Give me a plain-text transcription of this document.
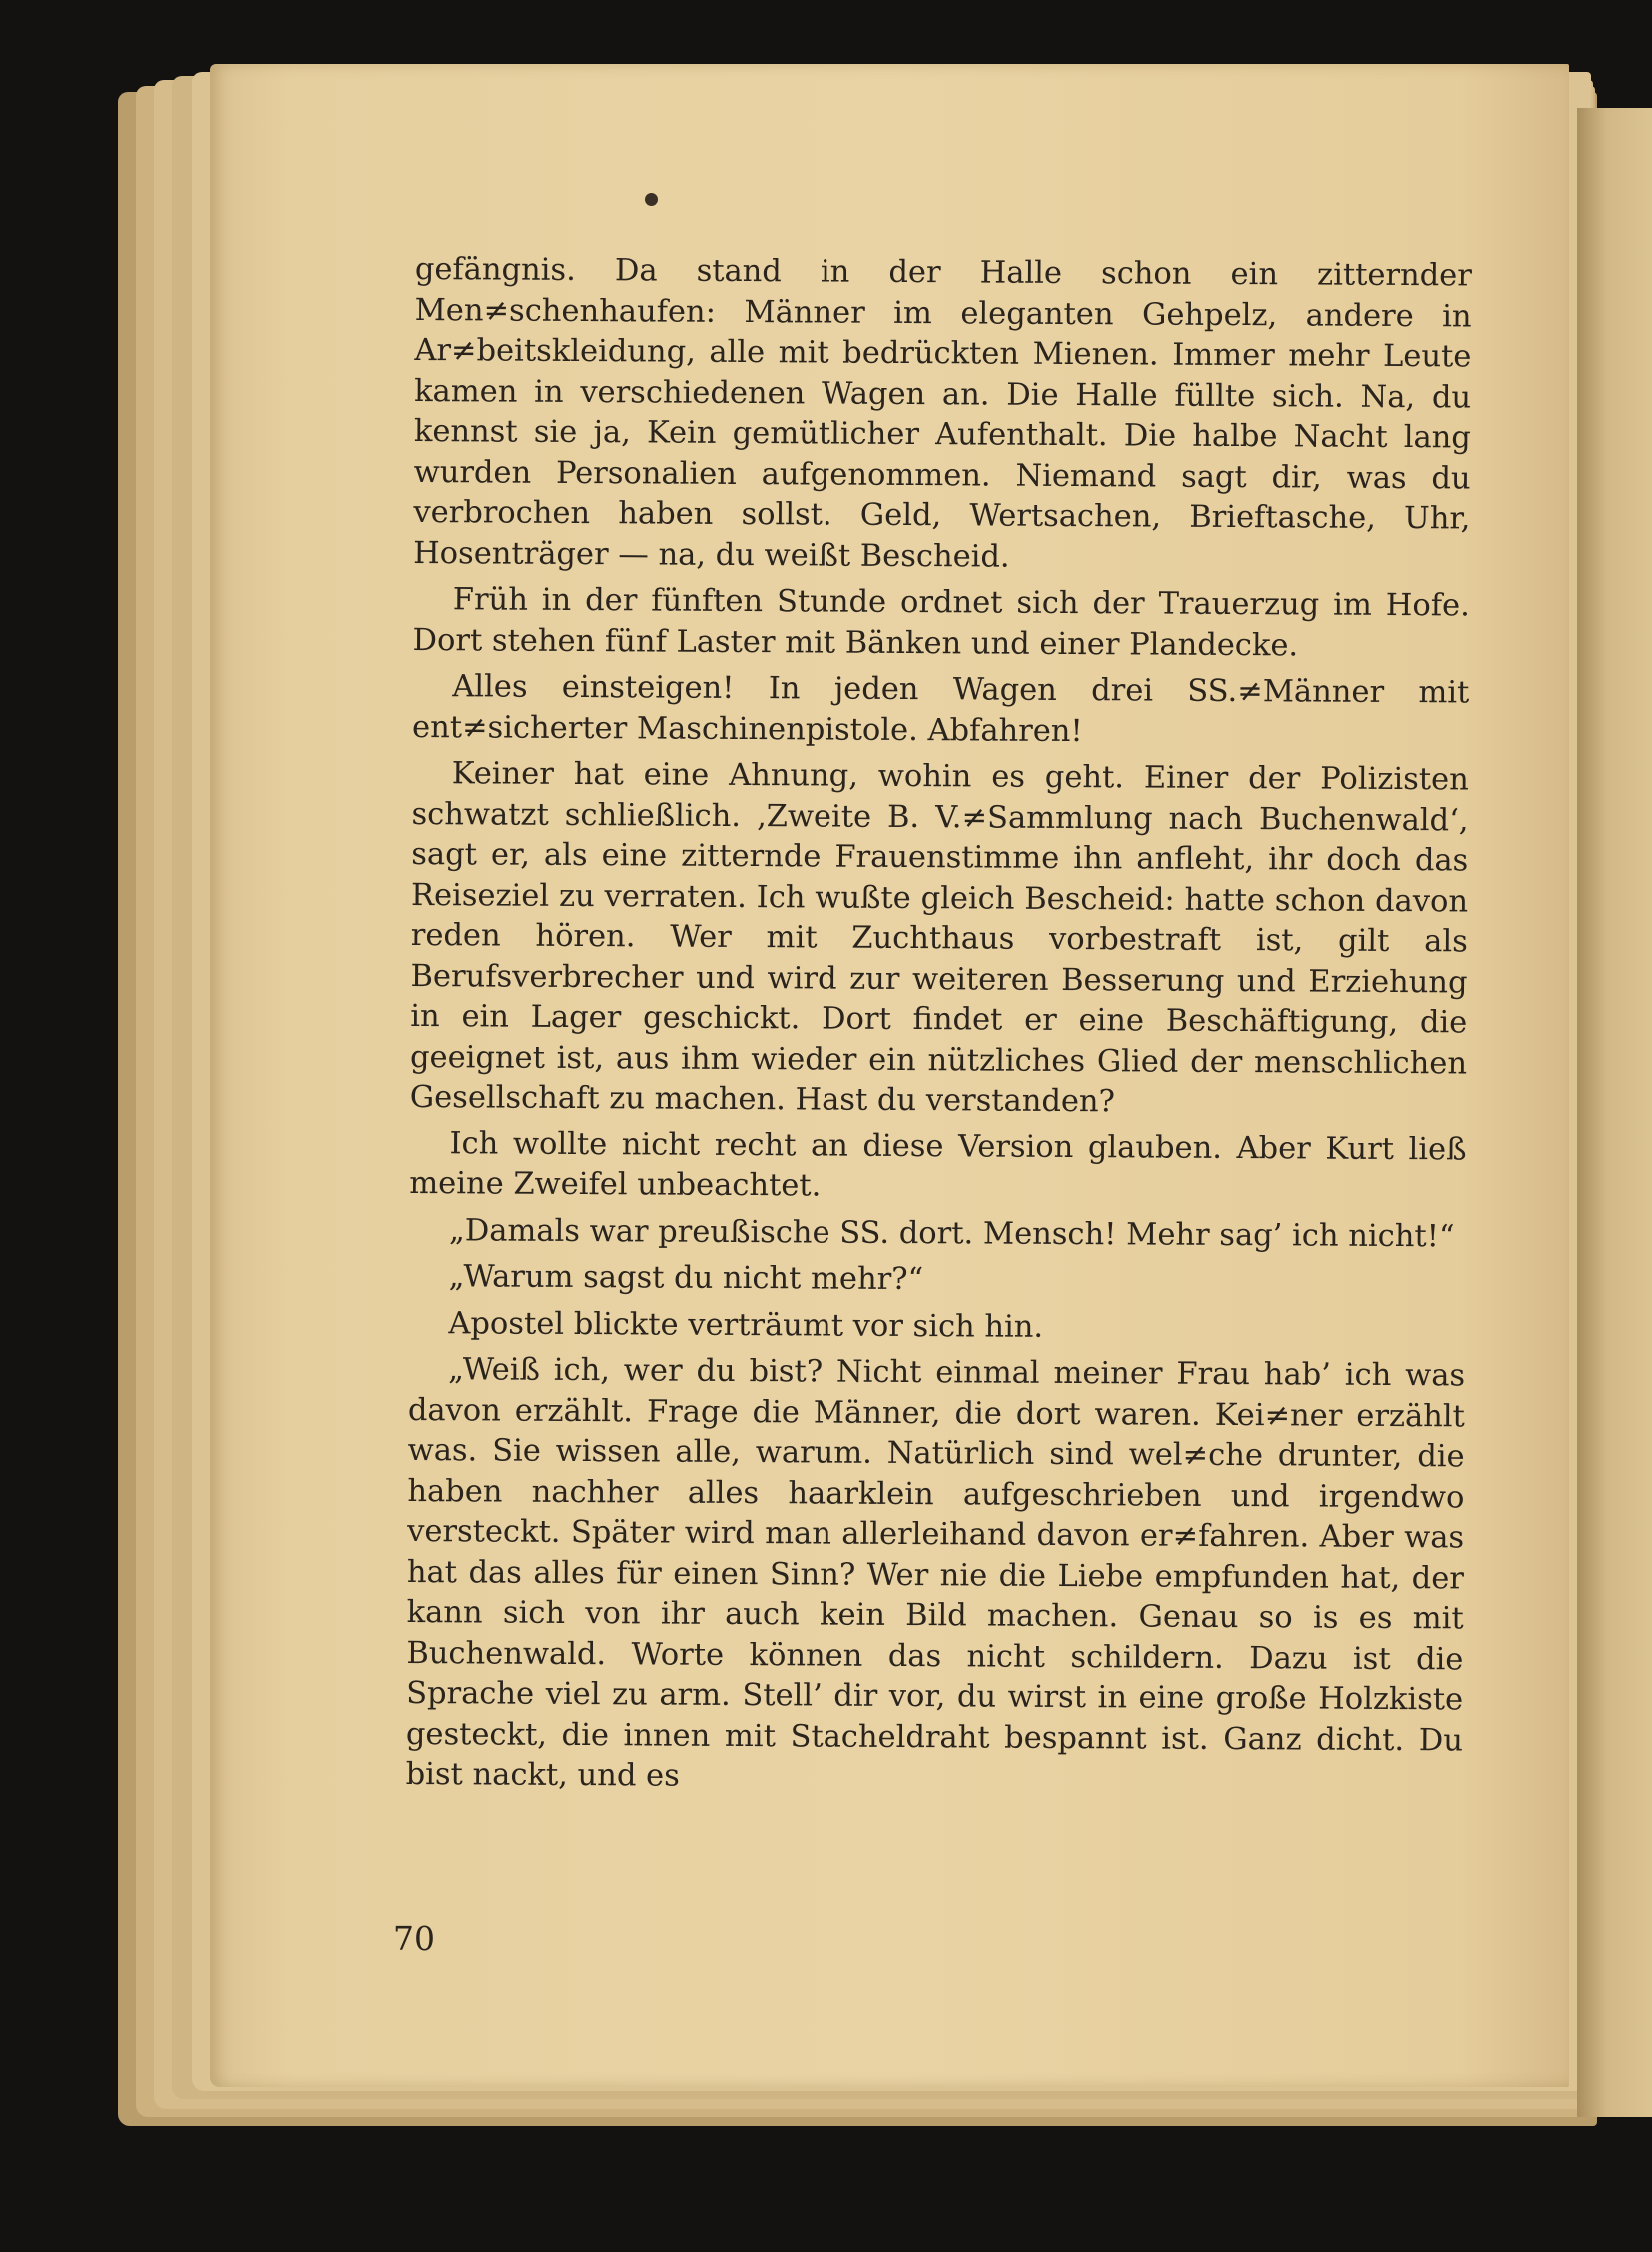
gefängnis. Da stand in der Halle schon ein zitternder Men≠schenhaufen: Männer im eleganten Gehpelz, andere in Ar≠beitskleidung, alle mit bedrückten Mienen. Immer mehr Leute kamen in verschiedenen Wagen an. Die Halle füllte sich. Na, du kennst sie ja, Kein gemütlicher Aufenthalt. Die halbe Nacht lang wurden Personalien aufgenommen. Niemand sagt dir, was du verbrochen haben sollst. Geld, Wertsachen, Brieftasche, Uhr, Hosenträger — na, du weißt Bescheid.

Früh in der fünften Stunde ordnet sich der Trauerzug im Hofe. Dort stehen fünf Laster mit Bänken und einer Plandecke.

Alles einsteigen! In jeden Wagen drei SS.≠Männer mit ent≠sicherter Maschinenpistole. Abfahren!

Keiner hat eine Ahnung, wohin es geht. Einer der Polizisten schwatzt schließlich. ‚Zweite B. V.≠Sammlung nach Buchenwald‘, sagt er, als eine zitternde Frauenstimme ihn anfleht, ihr doch das Reiseziel zu verraten. Ich wußte gleich Bescheid: hatte schon davon reden hören. Wer mit Zuchthaus vorbestraft ist, gilt als Berufsverbrecher und wird zur weiteren Besserung und Erziehung in ein Lager geschickt. Dort findet er eine Beschäftigung, die geeignet ist, aus ihm wieder ein nützliches Glied der menschlichen Gesellschaft zu machen. Hast du verstanden?

Ich wollte nicht recht an diese Version glauben. Aber Kurt ließ meine Zweifel unbeachtet.

„Damals war preußische SS. dort. Mensch! Mehr sag’ ich nicht!“

„Warum sagst du nicht mehr?“

Apostel blickte verträumt vor sich hin.

„Weiß ich, wer du bist? Nicht einmal meiner Frau hab’ ich was davon erzählt. Frage die Männer, die dort waren. Kei≠ner erzählt was. Sie wissen alle, warum. Natürlich sind wel≠che drunter, die haben nachher alles haarklein aufgeschrieben und irgendwo versteckt. Später wird man allerleihand davon er≠fahren. Aber was hat das alles für einen Sinn? Wer nie die Liebe empfunden hat, der kann sich von ihr auch kein Bild machen. Genau so is es mit Buchenwald. Worte können das nicht schildern. Dazu ist die Sprache viel zu arm. Stell’ dir vor, du wirst in eine große Holzkiste gesteckt, die innen mit Stacheldraht bespannt ist. Ganz dicht. Du bist nackt, und es

70
